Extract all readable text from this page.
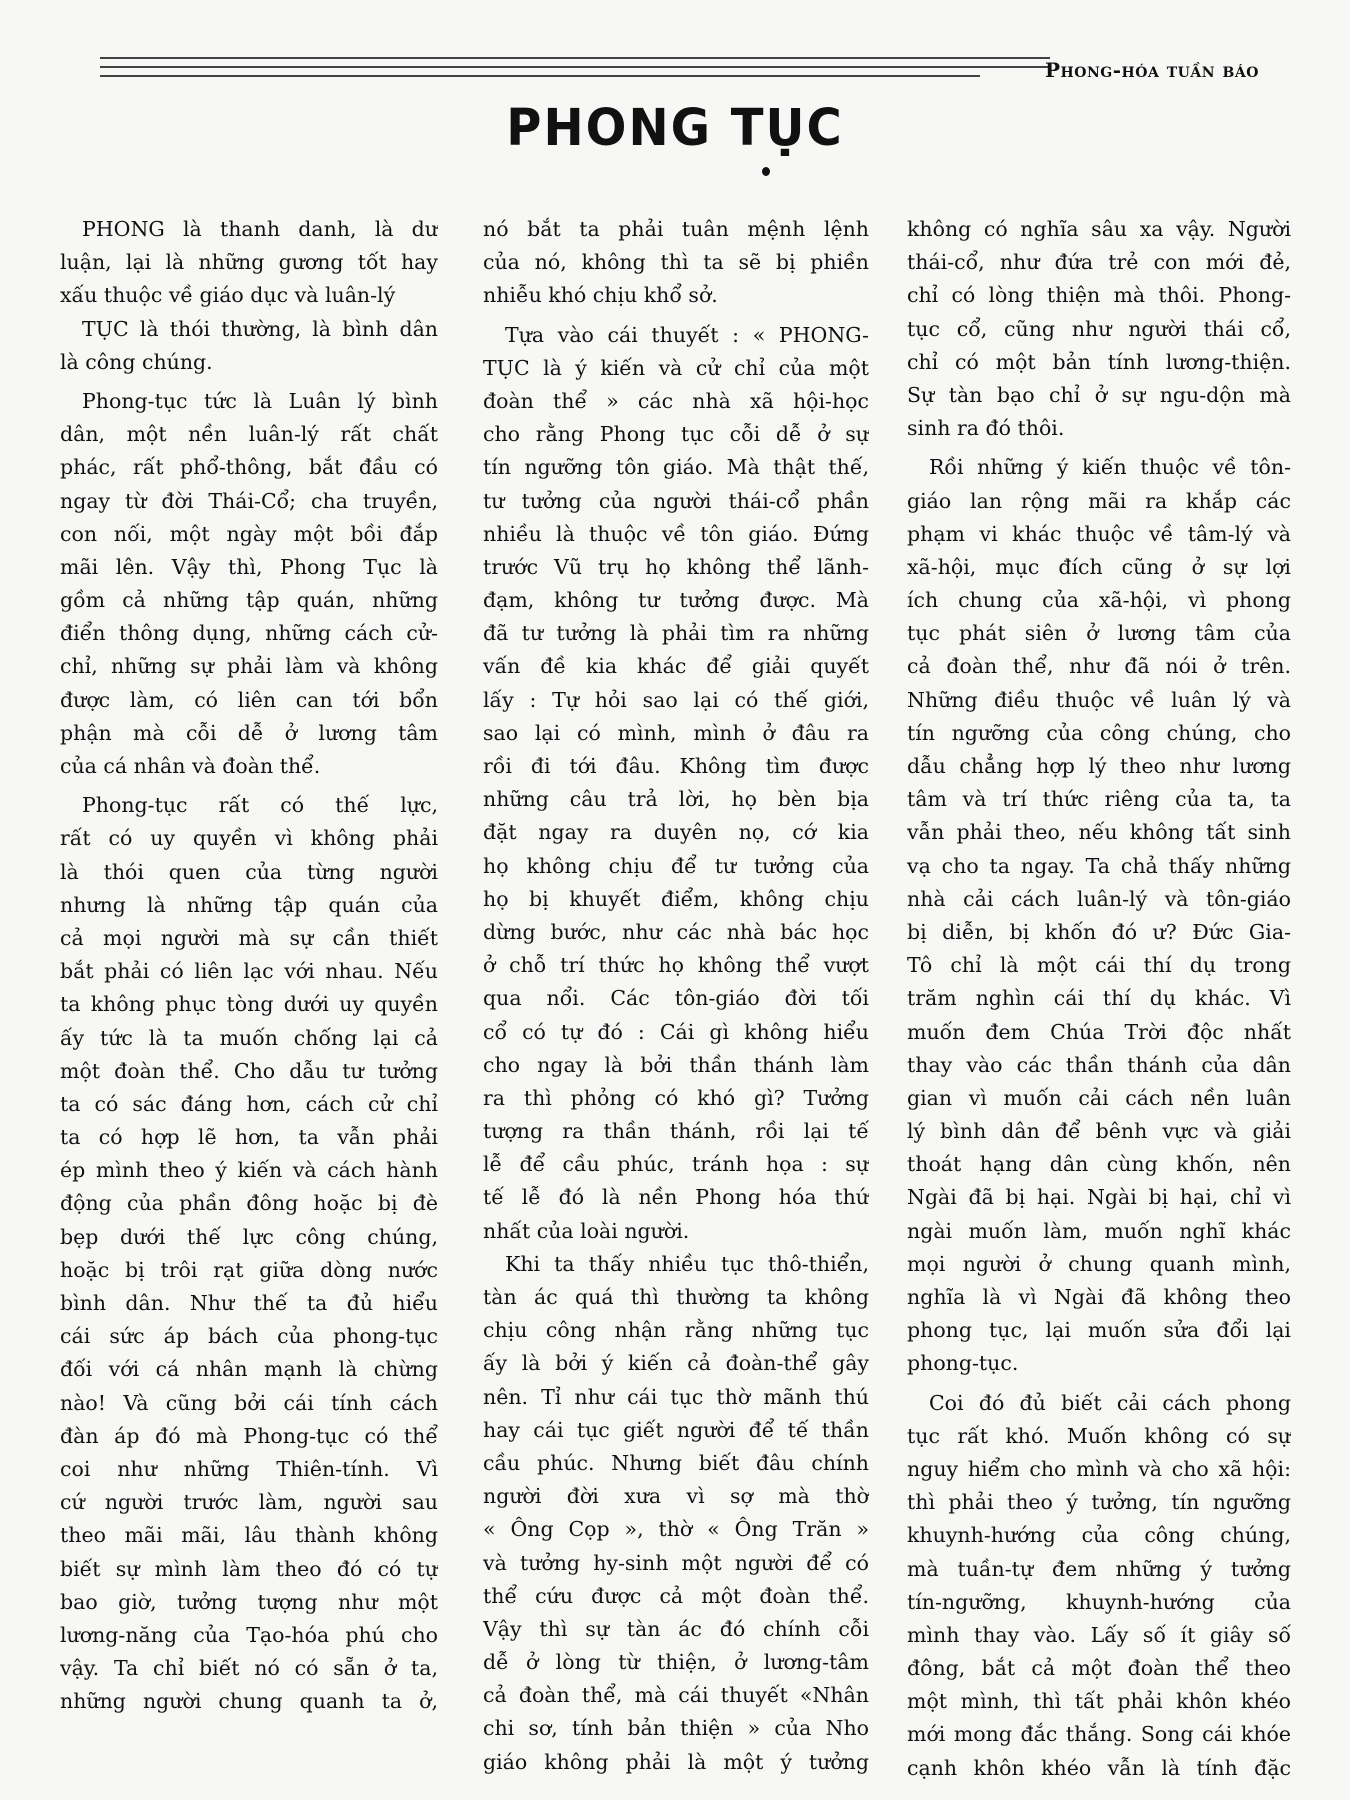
Phong-hóa tuần báo
PHONG TỤC
PHONG là thanh danh, là dư
luận, lại là những gương tốt hay
xấu thuộc về giáo dục và luân-lý
TỤC là thói thường, là bình dân
là công chúng.
Phong-tục tức là Luân lý bình
dân, một nền luân-lý rất chất
phác, rất phổ-thông, bắt đầu có
ngay từ đời Thái-Cổ; cha truyền,
con nối, một ngày một bồi đắp
mãi lên. Vậy thì, Phong Tục là
gồm cả những tập quán, những
điển thông dụng, những cách cử-
chỉ, những sự phải làm và không
được làm, có liên can tới bổn
phận mà cỗi dễ ở lương tâm
của cá nhân và đoàn thể.
Phong-tục rất có thế lực,
rất có uy quyền vì không phải
là thói quen của từng người
nhưng là những tập quán của
cả mọi người mà sự cần thiết
bắt phải có liên lạc với nhau. Nếu
ta không phục tòng dưới uy quyền
ấy tức là ta muốn chống lại cả
một đoàn thể. Cho dẫu tư tưởng
ta có sác đáng hơn, cách cử chỉ
ta có hợp lẽ hơn, ta vẫn phải
ép mình theo ý kiến và cách hành
động của phần đông hoặc bị đè
bẹp dưới thế lực công chúng,
hoặc bị trôi rạt giữa dòng nước
bình dân. Như thế ta đủ hiểu
cái sức áp bách của phong-tục
đối với cá nhân mạnh là chừng
nào! Và cũng bởi cái tính cách
đàn áp đó mà Phong-tục có thể
coi như những Thiên-tính. Vì
cứ người trước làm, người sau
theo mãi mãi, lâu thành không
biết sự mình làm theo đó có tự
bao giờ, tưởng tượng như một
lương-năng của Tạo-hóa phú cho
vậy. Ta chỉ biết nó có sẵn ở ta,
những người chung quanh ta ở,
nó bắt ta phải tuân mệnh lệnh
của nó, không thì ta sẽ bị phiền
nhiễu khó chịu khổ sở.
Tựa vào cái thuyết : « PHONG-
TỤC là ý kiến và cử chỉ của một
đoàn thể » các nhà xã hội-học
cho rằng Phong tục cỗi dễ ở sự
tín ngưỡng tôn giáo. Mà thật thế,
tư tưởng của người thái-cổ phần
nhiều là thuộc về tôn giáo. Đứng
trước Vũ trụ họ không thể lãnh-
đạm, không tư tưởng được. Mà
đã tư tưởng là phải tìm ra những
vấn đề kia khác để giải quyết
lấy : Tự hỏi sao lại có thế giới,
sao lại có mình, mình ở đâu ra
rồi đi tới đâu. Không tìm được
những câu trả lời, họ bèn bịa
đặt ngay ra duyên nọ, cớ kia
họ không chịu để tư tưởng của
họ bị khuyết điểm, không chịu
dừng bước, như các nhà bác học
ở chỗ trí thức họ không thể vượt
qua nổi. Các tôn-giáo đời tối
cổ có tự đó : Cái gì không hiểu
cho ngay là bởi thần thánh làm
ra thì phỏng có khó gì? Tưởng
tượng ra thần thánh, rồi lại tế
lễ để cầu phúc, tránh họa : sự
tế lễ đó là nền Phong hóa thứ
nhất của loài người.
Khi ta thấy nhiều tục thô-thiển,
tàn ác quá thì thường ta không
chịu công nhận rằng những tục
ấy là bởi ý kiến cả đoàn-thể gây
nên. Tỉ như cái tục thờ mãnh thú
hay cái tục giết người để tế thần
cầu phúc. Nhưng biết đâu chính
người đời xưa vì sợ mà thờ
« Ông Cọp », thờ « Ông Trăn »
và tưởng hy-sinh một người để có
thể cứu được cả một đoàn thể.
Vậy thì sự tàn ác đó chính cỗi
dễ ở lòng từ thiện, ở lương-tâm
cả đoàn thể, mà cái thuyết «Nhân
chi sơ, tính bản thiện » của Nho
giáo không phải là một ý tưởng
không có nghĩa sâu xa vậy. Người
thái-cổ, như đứa trẻ con mới đẻ,
chỉ có lòng thiện mà thôi. Phong-
tục cổ, cũng như người thái cổ,
chỉ có một bản tính lương-thiện.
Sự tàn bạo chỉ ở sự ngu-dộn mà
sinh ra đó thôi.
Rồi những ý kiến thuộc về tôn-
giáo lan rộng mãi ra khắp các
phạm vi khác thuộc về tâm-lý và
xã-hội, mục đích cũng ở sự lợi
ích chung của xã-hội, vì phong
tục phát siên ở lương tâm của
cả đoàn thể, như đã nói ở trên.
Những điều thuộc về luân lý và
tín ngưỡng của công chúng, cho
dẫu chẳng hợp lý theo như lương
tâm và trí thức riêng của ta, ta
vẫn phải theo, nếu không tất sinh
vạ cho ta ngay. Ta chả thấy những
nhà cải cách luân-lý và tôn-giáo
bị diễn, bị khốn đó ư? Đức Gia-
Tô chỉ là một cái thí dụ trong
trăm nghìn cái thí dụ khác. Vì
muốn đem Chúa Trời độc nhất
thay vào các thần thánh của dân
gian vì muốn cải cách nền luân
lý bình dân để bênh vực và giải
thoát hạng dân cùng khốn, nên
Ngài đã bị hại. Ngài bị hại, chỉ vì
ngài muốn làm, muốn nghĩ khác
mọi người ở chung quanh mình,
nghĩa là vì Ngài đã không theo
phong tục, lại muốn sửa đổi lại
phong-tục.
Coi đó đủ biết cải cách phong
tục rất khó. Muốn không có sự
nguy hiểm cho mình và cho xã hội:
thì phải theo ý tưởng, tín ngưỡng
khuynh-hướng của công chúng,
mà tuần-tự đem những ý tưởng
tín-ngưỡng, khuynh-hướng của
mình thay vào. Lấy số ít giây số
đông, bắt cả một đoàn thể theo
một mình, thì tất phải khôn khéo
mới mong đắc thắng. Song cái khóe
cạnh khôn khéo vẫn là tính đặc
